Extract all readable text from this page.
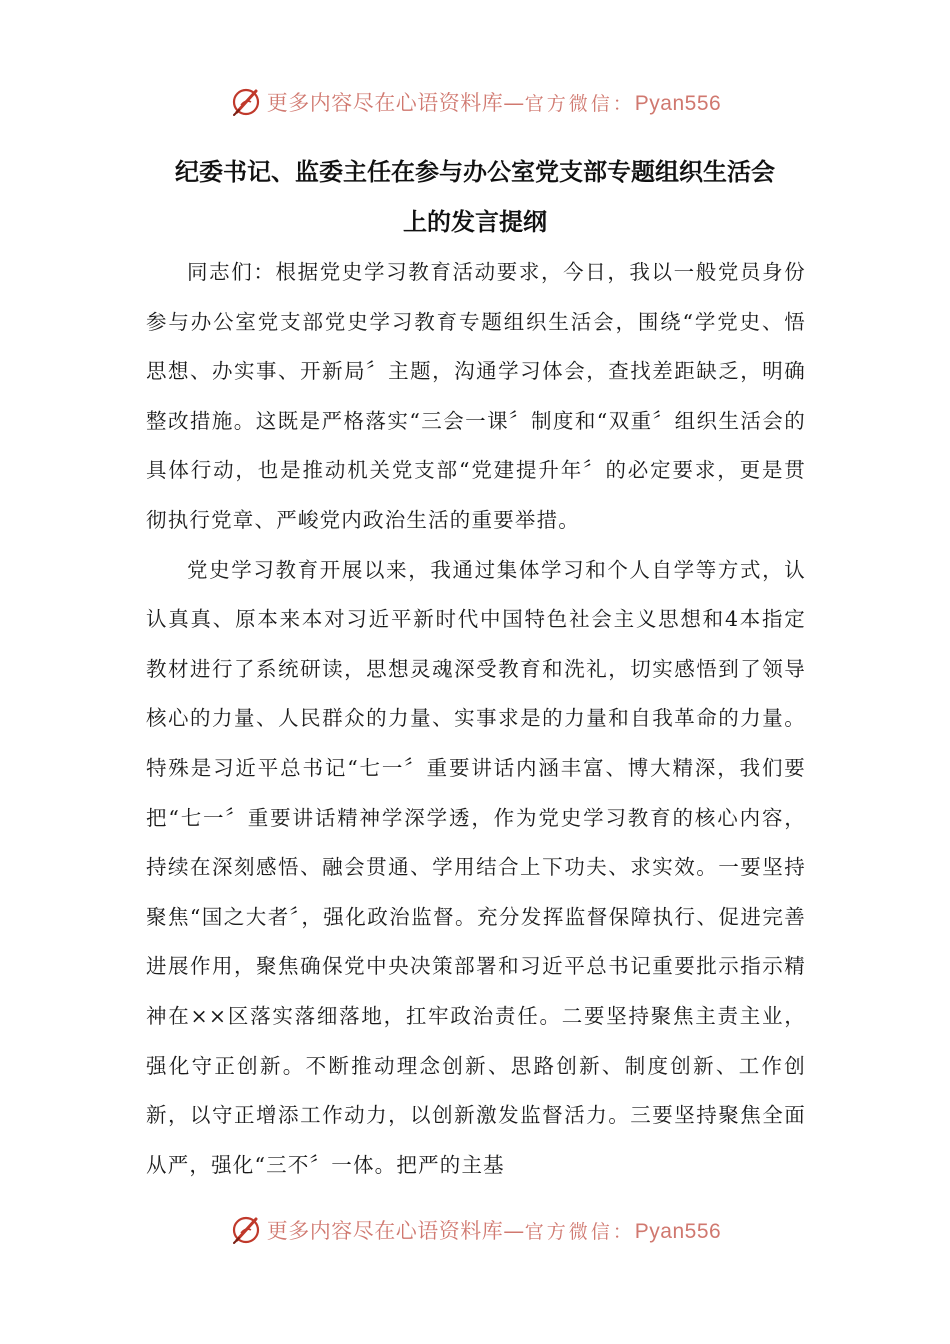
更多内容尽在心语资料库—官方微信：Pyan556
纪委书记、监委主任在参与办公室党支部专题组织生活会
上的发言提纲

同志们：根据党史学习教育活动要求，今日，我以一般党员身份参与办公室党支部党史学习教育专题组织生活会，围绕“学党史、悟思想、办实事、开新局〞主题，沟通学习体会，查找差距缺乏，明确整改措施。这既是严格落实“三会一课〞制度和“双重〞组织生活会的具体行动，也是推动机关党支部“党建提升年〞的必定要求，更是贯彻执行党章、严峻党内政治生活的重要举措。

党史学习教育开展以来，我通过集体学习和个人自学等方式，认认真真、原本来本对习近平新时代中国特色社会主义思想和4本指定教材进行了系统研读，思想灵魂深受教育和洗礼，切实感悟到了领导核心的力量、人民群众的力量、实事求是的力量和自我革命的力量。特殊是习近平总书记“七一〞重要讲话内涵丰富、博大精深，我们要把“七一〞重要讲话精神学深学透，作为党史学习教育的核心内容，持续在深刻感悟、融会贯通、学用结合上下功夫、求实效。一要坚持聚焦“国之大者〞，强化政治监督。充分发挥监督保障执行、促进完善进展作用，聚焦确保党中央决策部署和习近平总书记重要批示指示精神在××区落实落细落地，扛牢政治责任。二要坚持聚焦主责主业，强化守正创新。不断推动理念创新、思路创新、制度创新、工作创新，以守正增添工作动力，以创新激发监督活力。三要坚持聚焦全面从严，强化“三不〞一体。把严的主基

更多内容尽在心语资料库—官方微信：Pyan556
